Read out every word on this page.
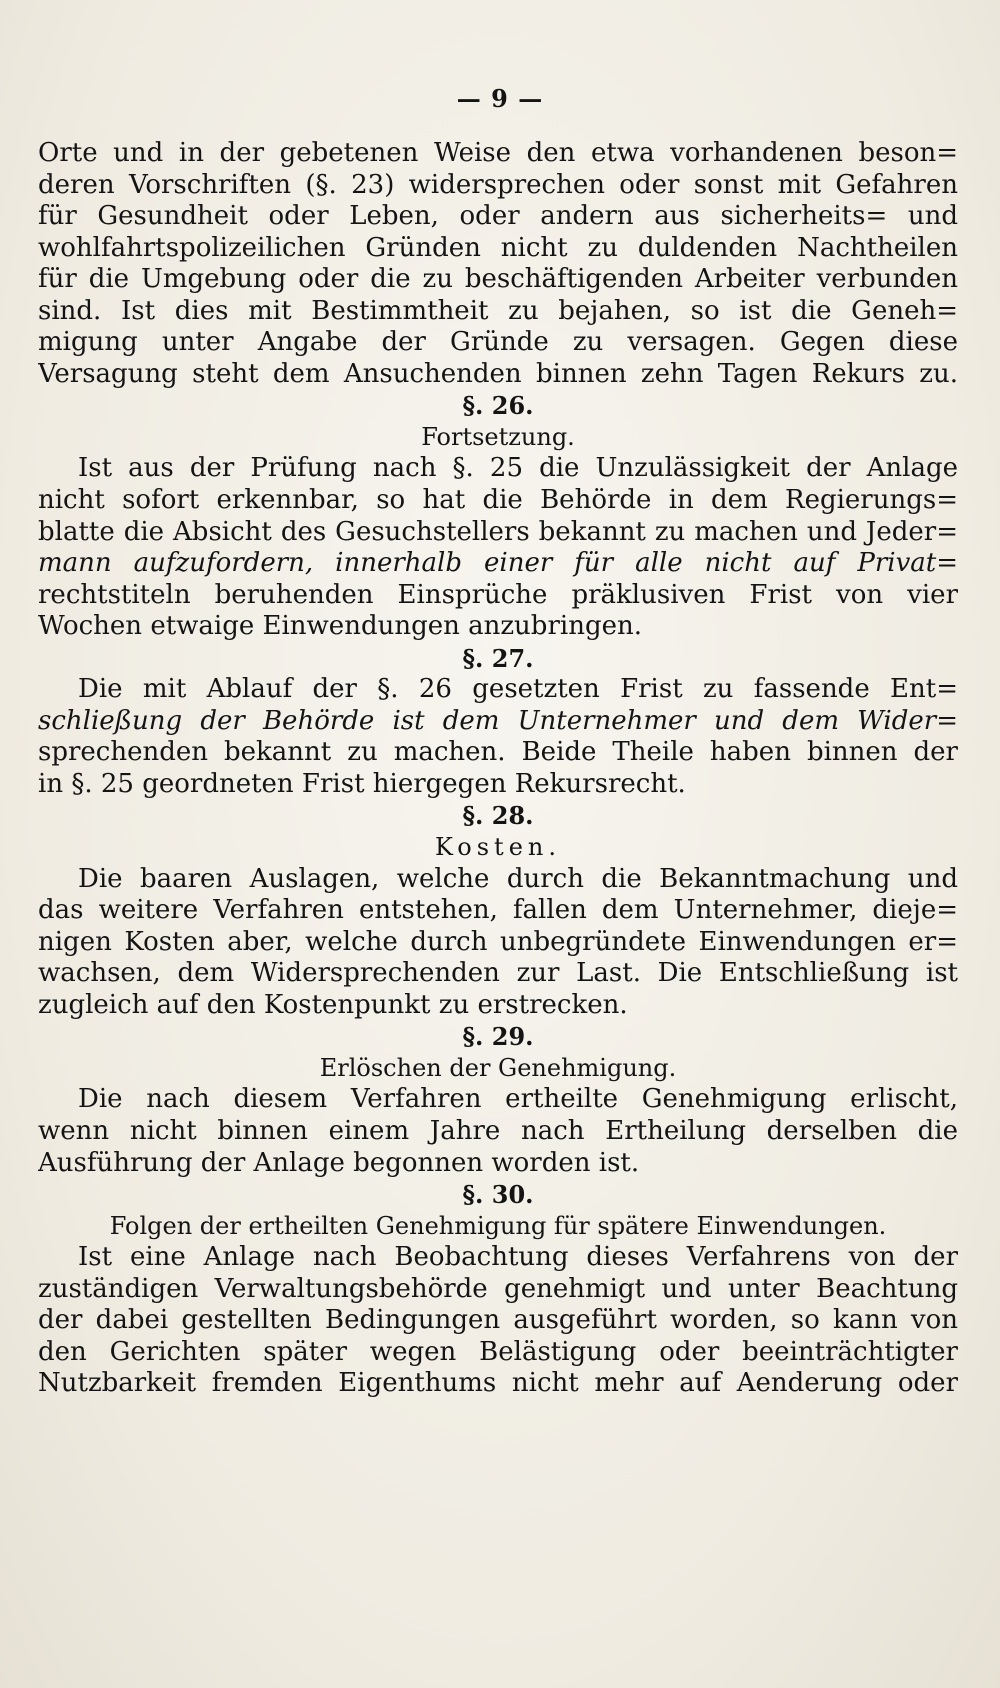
— 9 —
Orte und in der gebetenen Weise den etwa vorhandenen beson=
deren Vorschriften (§. 23) widersprechen oder sonst mit Gefahren
für Gesundheit oder Leben, oder andern aus sicherheits= und
wohlfahrtspolizeilichen Gründen nicht zu duldenden Nachtheilen
für die Umgebung oder die zu beschäftigenden Arbeiter verbunden
sind. Ist dies mit Bestimmtheit zu bejahen, so ist die Geneh=
migung unter Angabe der Gründe zu versagen. Gegen diese
Versagung steht dem Ansuchenden binnen zehn Tagen Rekurs zu.
§. 26.
Fortsetzung.
Ist aus der Prüfung nach §. 25 die Unzulässigkeit der Anlage
nicht sofort erkennbar, so hat die Behörde in dem Regierungs=
blatte die Absicht des Gesuchstellers bekannt zu machen und Jeder=
mann aufzufordern, innerhalb einer für alle nicht auf Privat=
rechtstiteln beruhenden Einsprüche präklusiven Frist von vier
Wochen etwaige Einwendungen anzubringen.
§. 27.
Die mit Ablauf der §. 26 gesetzten Frist zu fassende Ent=
schließung der Behörde ist dem Unternehmer und dem Wider=
sprechenden bekannt zu machen. Beide Theile haben binnen der
in §. 25 geordneten Frist hiergegen Rekursrecht.
§. 28.
Kosten.
Die baaren Auslagen, welche durch die Bekanntmachung und
das weitere Verfahren entstehen, fallen dem Unternehmer, dieje=
nigen Kosten aber, welche durch unbegründete Einwendungen er=
wachsen, dem Widersprechenden zur Last. Die Entschließung ist
zugleich auf den Kostenpunkt zu erstrecken.
§. 29.
Erlöschen der Genehmigung.
Die nach diesem Verfahren ertheilte Genehmigung erlischt,
wenn nicht binnen einem Jahre nach Ertheilung derselben die
Ausführung der Anlage begonnen worden ist.
§. 30.
Folgen der ertheilten Genehmigung für spätere Einwendungen.
Ist eine Anlage nach Beobachtung dieses Verfahrens von der
zuständigen Verwaltungsbehörde genehmigt und unter Beachtung
der dabei gestellten Bedingungen ausgeführt worden, so kann von
den Gerichten später wegen Belästigung oder beeinträchtigter
Nutzbarkeit fremden Eigenthums nicht mehr auf Aenderung oder
